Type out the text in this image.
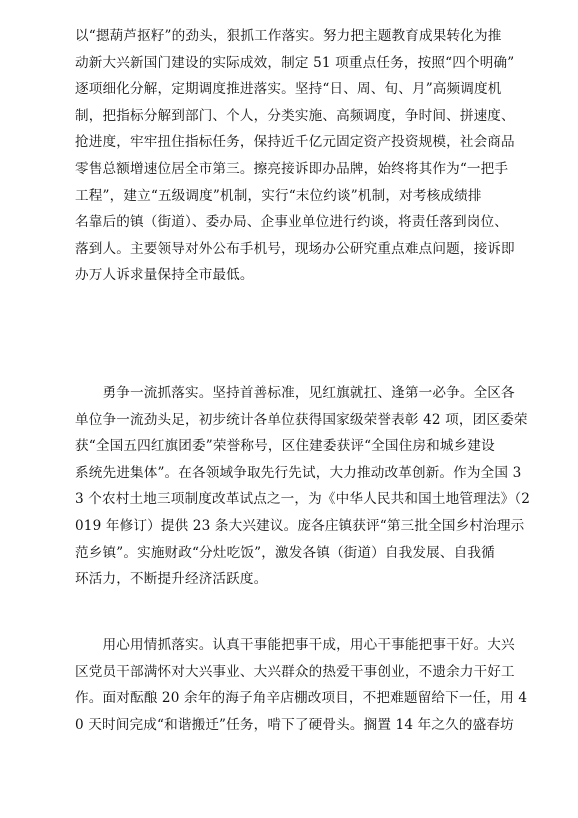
以“摁葫芦抠籽”的劲头，狠抓工作落实。努力把主题教育成果转化为推
动新大兴新国门建设的实际成效，制定 51 项重点任务，按照“四个明确”
逐项细化分解，定期调度推进落实。坚持“日、周、旬、月”高频调度机
制，把指标分解到部门、个人，分类实施、高频调度，争时间、拼速度、
抢进度，牢牢扭住指标任务，保持近千亿元固定资产投资规模，社会商品
零售总额增速位居全市第三。擦亮接诉即办品牌，始终将其作为“一把手
工程”，建立“五级调度”机制，实行“末位约谈”机制，对考核成绩排
名靠后的镇（街道）、委办局、企事业单位进行约谈，将责任落到岗位、
落到人。主要领导对外公布手机号，现场办公研究重点难点问题，接诉即
办万人诉求量保持全市最低。
　　勇争一流抓落实。坚持首善标准，见红旗就扛、逢第一必争。全区各
单位争一流劲头足，初步统计各单位获得国家级荣誉表彰 42 项，团区委荣
获“全国五四红旗团委”荣誉称号，区住建委获评“全国住房和城乡建设
系统先进集体”。在各领域争取先行先试，大力推动改革创新。作为全国 3
3 个农村土地三项制度改革试点之一，为《中华人民共和国土地管理法》（2
019 年修订）提供 23 条大兴建议。庞各庄镇获评“第三批全国乡村治理示
范乡镇”。实施财政“分灶吃饭”，激发各镇（街道）自我发展、自我循
环活力，不断提升经济活跃度。
　　用心用情抓落实。认真干事能把事干成，用心干事能把事干好。大兴
区党员干部满怀对大兴事业、大兴群众的热爱干事创业，不遗余力干好工
作。面对酝酿 20 余年的海子角辛店棚改项目，不把难题留给下一任，用 4
0 天时间完成“和谐搬迁”任务，啃下了硬骨头。搁置 14 年之久的盛春坊
